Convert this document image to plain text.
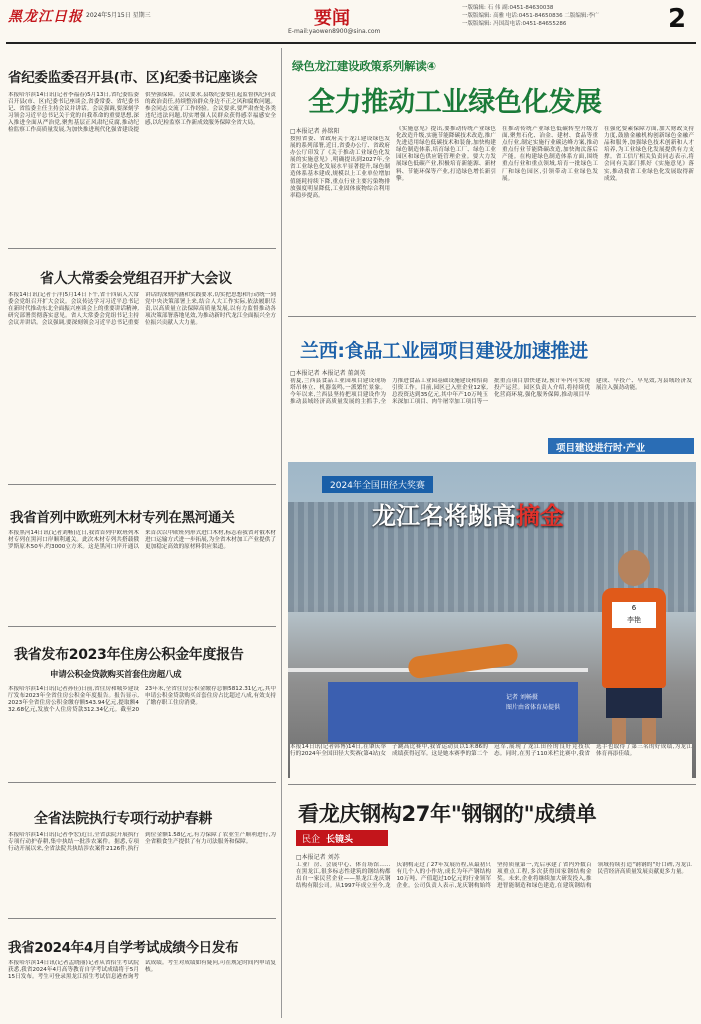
黑龙江日报 2024年5月15日 星期三	要闻
E-mail:yaowen8900@sina.com
一版编辑: 石 伟 副:0451-84630038
一版版编辑: 高雅 电话:0451-84650836 二版编辑:李广
一版版编辑: 冯国嵩电话:0451-84655286	2
省纪委监委召开县(市、区)纪委书记座谈会
本报哈尔滨14日讯(记者李福春)5月13日,省纪委监委召开县(市、区)纪委书记座谈会,省委常委、省纪委书记、省监委主任主持会议并讲话。会议强调,要深刻学习领会习近平总书记关于党的自我革命的重要思想,深入推进全面从严治党,聚焦基层正风肃纪反腐,推动纪检监察工作高质量发展,为加快推进现代化强省建设提供坚强保障。会议要求,县级纪委要扛起监督执纪问责的政治责任,持续整治群众身边不正之风和腐败问题。参会同志交流了工作经验。会议要求,要严肃查处各类违纪违法问题,切实增强人民群众获得感幸福感安全感,以纪检监察工作新成效服务保障全省大局。
省人大常委会党组召开扩大会议
本报14日讯(记者于洋)5月14日下午,省十四届人大常委会党组召开扩大会议。会议传达学习习近平总书记在新时代推动东北全面振兴座谈会上的重要讲话精神,研究部署贯彻落实意见。省人大常委会党组书记主持会议并讲话。会议强调,要深刻领会习近平总书记重要讲话的深刻内涵和实践要求,切实把思想和行动统一到党中央决策部署上来,结合人大工作实际,依法履职尽责,以高质量立法保障高质量发展,以有力监督推动各项决策部署落地见效,为推动新时代龙江全面振兴全方位振兴贡献人大力量。
我省首列中欧班列木材专列在黑河通关
本报黑河14日讯(记者刘畅)近日,我省首列中欧班列木材专列在黑河口岸顺利通关。此次木材专列共搭载俄罗斯原木50车,约3000立方米。这是黑河口岸开通以来首次以中欧班列形式进口木材,标志着我省对俄木材进口运输方式进一步拓展,为全省木材加工产业提供了更加稳定高效的原材料供应渠道。
我省发布2023年住房公积金年度报告
申请公积金贷款购买首套住房超八成
本报哈尔滨14日讯(记者孙佳)日前,省住房和城乡建设厅发布2023年全省住房公积金年度报告。报告显示,2023年全省住房公积金缴存额543.94亿元,提取额432.68亿元,发放个人住房贷款312.34亿元。截至2023年末,全省住房公积金缴存总额5812.31亿元,其中申请公积金贷款购买首套住房占比超过八成,有效支持了缴存职工住房消费。
全省法院执行专项行动护春耕
本报哈尔滨14日讯(记者李宏)近日,全省法院开展执行专项行动护春耕,集中执结一批涉农案件。据悉,专项行动开展以来,全省法院共执结涉农案件2126件,执行到位金额1.58亿元,有力保障了农业生产顺利进行,为全省粮食生产提供了有力司法服务和保障。
我省2024年4月自学考试成绩今日发布
本报哈尔滨14日讯(记者孟晓丽)记者从省招生考试院获悉,我省2024年4月高等教育自学考试成绩将于5月15日发布。考生可登录黑龙江招生考试信息港查询考试成绩。考生对成绩如有疑问,可在规定时间内申请复核。
绿色龙江建设政策系列解读④
全力推动工业绿色化发展
□本报记者 孙铭阳
按照省委、省政府关于龙江建设绿色发展的系列部署,近日,省委办公厅、省政府办公厅印发了《关于推动工业绿色化发展的实施意见》,明确提出到2027年,全省工业绿色化发展水平显著提升,绿色制造体系基本建成,规模以上工业单位增加值能耗持续下降,重点行业主要污染物排放强度明显降低,工业固体废物综合利用率稳步提高。
《实施意见》提出,要推动传统产业绿色化改造升级,实施节能降碳技术改造,推广先进适用绿色低碳技术和装备,加快构建绿色制造体系,培育绿色工厂、绿色工业园区和绿色供应链管理企业。要大力发展绿色低碳产业,积极培育新能源、新材料、节能环保等产业,打造绿色增长新引擎。
在推动传统产业绿色低碳转型升级方面,聚焦石化、冶金、建材、食品等重点行业,制定实施行业碳达峰方案,推动重点行业节能降碳改造,加快淘汰落后产能。在构建绿色制造体系方面,围绕重点行业和重点领域,培育一批绿色工厂和绿色园区,引领带动工业绿色发展。
在强化要素保障方面,加大财政支持力度,鼓励金融机构创新绿色金融产品和服务,加强绿色技术创新和人才培养,为工业绿色化发展提供有力支撑。省工信厅相关负责同志表示,将会同有关部门抓好《实施意见》落实,推动我省工业绿色化发展取得新成效。
兰西:食品工业园项目建设加速推进
□本报记者 本报记者 董剑英
初夏,兰西县食品工业园项目建设现场塔吊林立、机器轰鸣,一派繁忙景象。今年以来,兰西县坚持把项目建设作为推动县域经济高质量发展的主抓手,全力推进食品工业园基础设施建设和招商引资工作。目前,园区已入驻企业12家,总投资达到35亿元,其中年产10万吨玉米深加工项目、肉牛屠宰加工项目等一批重点项目加快建设,预计年内可实现投产运营。园区负责人介绍,将持续优化营商环境,强化服务保障,推动项目早建成、早投产、早见效,为县域经济发展注入强劲动能。
项目建设进行时·产业
6
李艳
2024年全国田径大奖赛
龙江名将跳高摘金
记者 刘畅摄
图片由省体育局提供
本报14日讯(记者韩博)14日,在肇庆举行的2024年全国田径大奖赛(第4站)女子跳高比赛中,我省运动员以1米86的成绩获得冠军。这是她本赛季的第二个冠军,展现了龙江田径的良好竞技状态。同时,在男子110米栏比赛中,我省选手也取得了第三名的好成绩,为龙江体育再添佳绩。
看龙庆钢构27年"钢钢的"成绩单
民企 长镜头
□本报记者 刘苏
工业厂房、会展中心、体育场馆……在黑龙江,很多标志性建筑的钢结构都出自一家民营企业——黑龙江龙庆钢结构有限公司。从1997年成立至今,龙庆钢构走过了27年发展历程,从最初只有几个人的小作坊,成长为年产钢结构10万吨、产值超过10亿元的行业领军企业。公司负责人表示,龙庆钢构始终坚持质量第一,先后承建了省内外数百项重点工程,多次获得国家钢结构金奖。未来,企业将继续加大研发投入,推进智能制造和绿色建造,在建筑钢结构领域持续打造"钢钢的"好口碑,为龙江民营经济高质量发展贡献更多力量。
